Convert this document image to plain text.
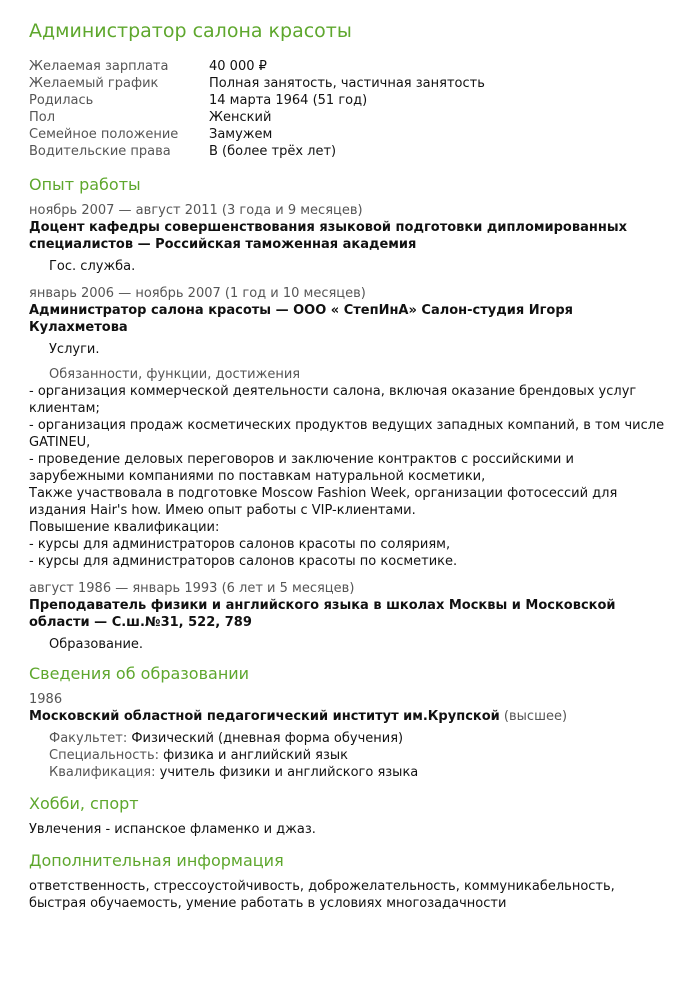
Администратор салона красоты
Желаемая зарплата	40 000 ₽
Желаемый график	Полная занятость, частичная занятость
Родилась	14 марта 1964 (51 год)
Пол	Женский
Семейное положение	Замужем
Водительские права	B (более трёх лет)
Опыт работы
ноябрь 2007 — август 2011 (3 года и 9 месяцев)
Доцент кафедры совершенствования языковой подготовки дипломированных специалистов — Российская таможенная академия
Гос. служба.
январь 2006 — ноябрь 2007 (1 год и 10 месяцев)
Администратор салона красоты — ООО « СтепИнА» Салон-студия Игоря Кулахметова
Услуги.
Обязанности, функции, достижения
- организация коммерческой деятельности салона, включая оказание брендовых услуг клиентам;
- организация продаж косметических продуктов ведущих западных компаний, в том числе GATINEU,
- проведение деловых переговоров и заключение контрактов с российскими и зарубежными компаниями по поставкам натуральной косметики,
Также участвовала в подготовке Moscow Fashion Week, организации фотосессий для издания Hair's how. Имею опыт работы с VIP-клиентами.
Повышение квалификации:
- курсы для администраторов салонов красоты по соляриям,
- курсы для администраторов салонов красоты по косметике.
август 1986 — январь 1993 (6 лет и 5 месяцев)
Преподаватель физики и английского языка в школах Москвы и Московской области — С.ш.№31, 522, 789
Образование.
Сведения об образовании
1986
Московский областной педагогический институт им.Крупской (высшее)
Факультет: Физический (дневная форма обучения)
Специальность: физика и английский язык
Квалификация: учитель физики и английского языка
Хобби, спорт
Увлечения - испанское фламенко и джаз.
Дополнительная информация
ответственность, стрессоустойчивость, доброжелательность, коммуникабельность,
быстрая обучаемость, умение работать в условиях многозадачности
